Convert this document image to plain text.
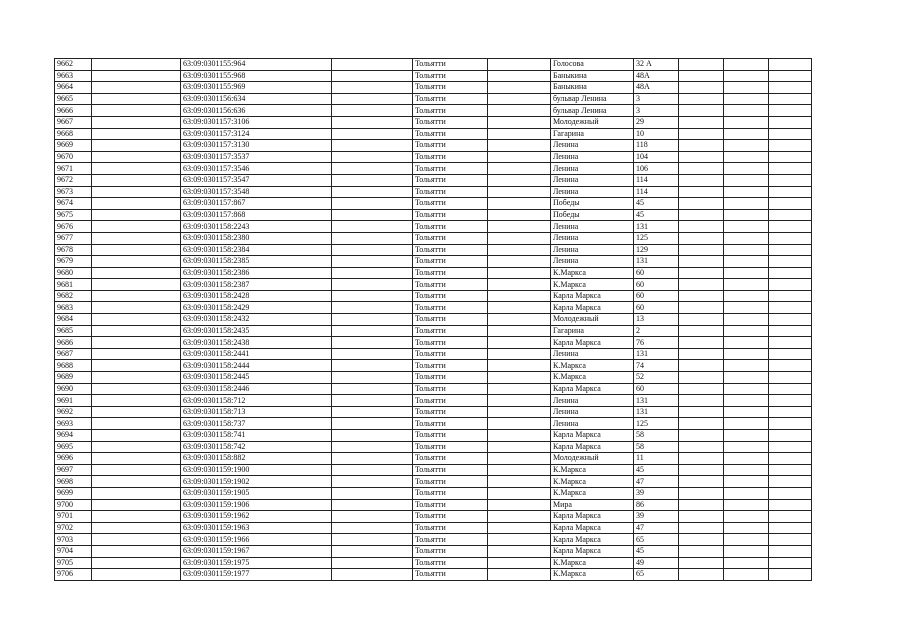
9662		63:09:0301155:964		Тольятти		Голосова	32 А			
9663		63:09:0301155:968		Тольятти		Баныкина	48А			
9664		63:09:0301155:969		Тольятти		Баныкина	48А			
9665		63:09:0301156:634		Тольятти		бульвар Ленина	3			
9666		63:09:0301156:636		Тольятти		бульвар Ленина	3			
9667		63:09:0301157:3106		Тольятти		Молодежный	29			
9668		63:09:0301157:3124		Тольятти		Гагарина	10			
9669		63:09:0301157:3130		Тольятти		Ленина	118			
9670		63:09:0301157:3537		Тольятти		Ленина	104			
9671		63:09:0301157:3546		Тольятти		Ленина	106			
9672		63:09:0301157:3547		Тольятти		Ленина	114			
9673		63:09:0301157:3548		Тольятти		Ленина	114			
9674		63:09:0301157:867		Тольятти		Победы	45			
9675		63:09:0301157:868		Тольятти		Победы	45			
9676		63:09:0301158:2243		Тольятти		Ленина	131			
9677		63:09:0301158:2380		Тольятти		Ленина	125			
9678		63:09:0301158:2384		Тольятти		Ленина	129			
9679		63:09:0301158:2385		Тольятти		Ленина	131			
9680		63:09:0301158:2386		Тольятти		К.Маркса	60			
9681		63:09:0301158:2387		Тольятти		К.Маркса	60			
9682		63:09:0301158:2428		Тольятти		Карла Маркса	60			
9683		63:09:0301158:2429		Тольятти		Карла Маркса	60			
9684		63:09:0301158:2432		Тольятти		Молодежный	13			
9685		63:09:0301158:2435		Тольятти		Гагарина	2			
9686		63:09:0301158:2438		Тольятти		Карла Маркса	76			
9687		63:09:0301158:2441		Тольятти		Ленина	131			
9688		63:09:0301158:2444		Тольятти		К.Маркса	74			
9689		63:09:0301158:2445		Тольятти		К.Маркса	52			
9690		63:09:0301158:2446		Тольятти		Карла Маркса	60			
9691		63:09:0301158:712		Тольятти		Ленина	131			
9692		63:09:0301158:713		Тольятти		Ленина	131			
9693		63:09:0301158:737		Тольятти		Ленина	125			
9694		63:09:0301158:741		Тольятти		Карла Маркса	58			
9695		63:09:0301158:742		Тольятти		Карла Маркса	58			
9696		63:09:0301158:882		Тольятти		Молодежный	11			
9697		63:09:0301159:1900		Тольятти		К.Маркса	45			
9698		63:09:0301159:1902		Тольятти		К.Маркса	47			
9699		63:09:0301159:1905		Тольятти		К.Маркса	39			
9700		63:09:0301159:1906		Тольятти		Мира	86			
9701		63:09:0301159:1962		Тольятти		Карла Маркса	39			
9702		63:09:0301159:1963		Тольятти		Карла Маркса	47			
9703		63:09:0301159:1966		Тольятти		Карла Маркса	65			
9704		63:09:0301159:1967		Тольятти		Карла Маркса	45			
9705		63:09:0301159:1975		Тольятти		К.Маркса	49			
9706		63:09:0301159:1977		Тольятти		К.Маркса	65			
